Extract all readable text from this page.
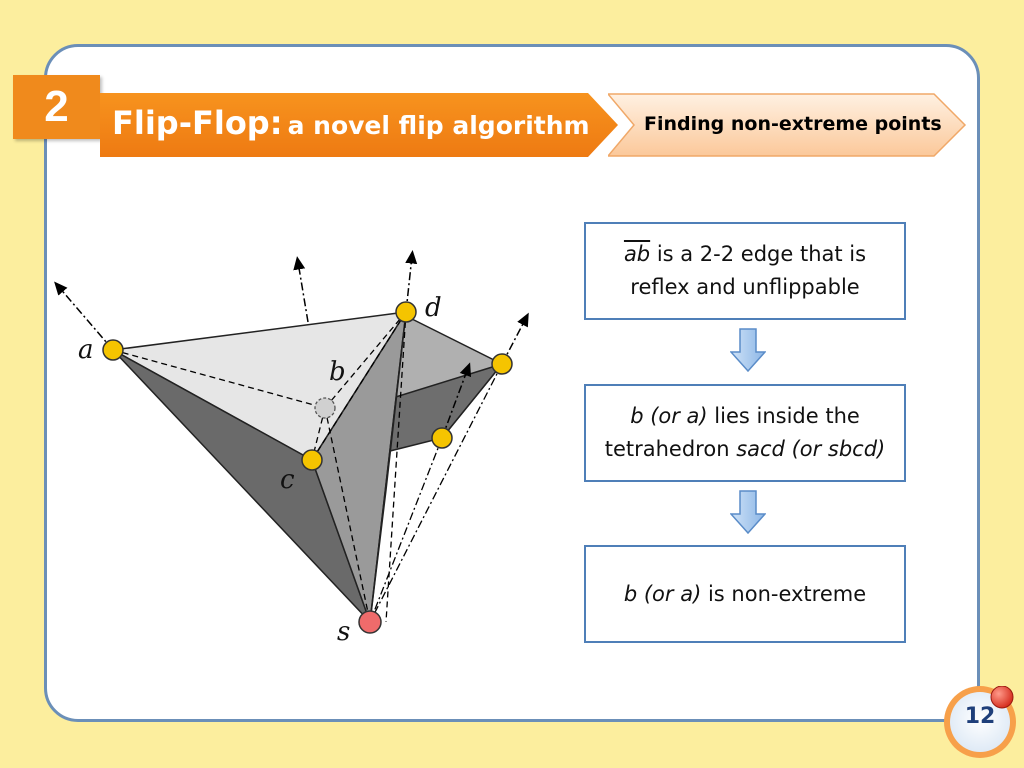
2 Flip-Flop: a novel flip algorithm	Finding non-extreme points
a
b
c
d
s
$\overline{ab}$ is a 2-2 edge that is
reflex and unflippable
b (or a) lies inside the
tetrahedron sacd (or sbcd)
b (or a) is non-extreme
12
